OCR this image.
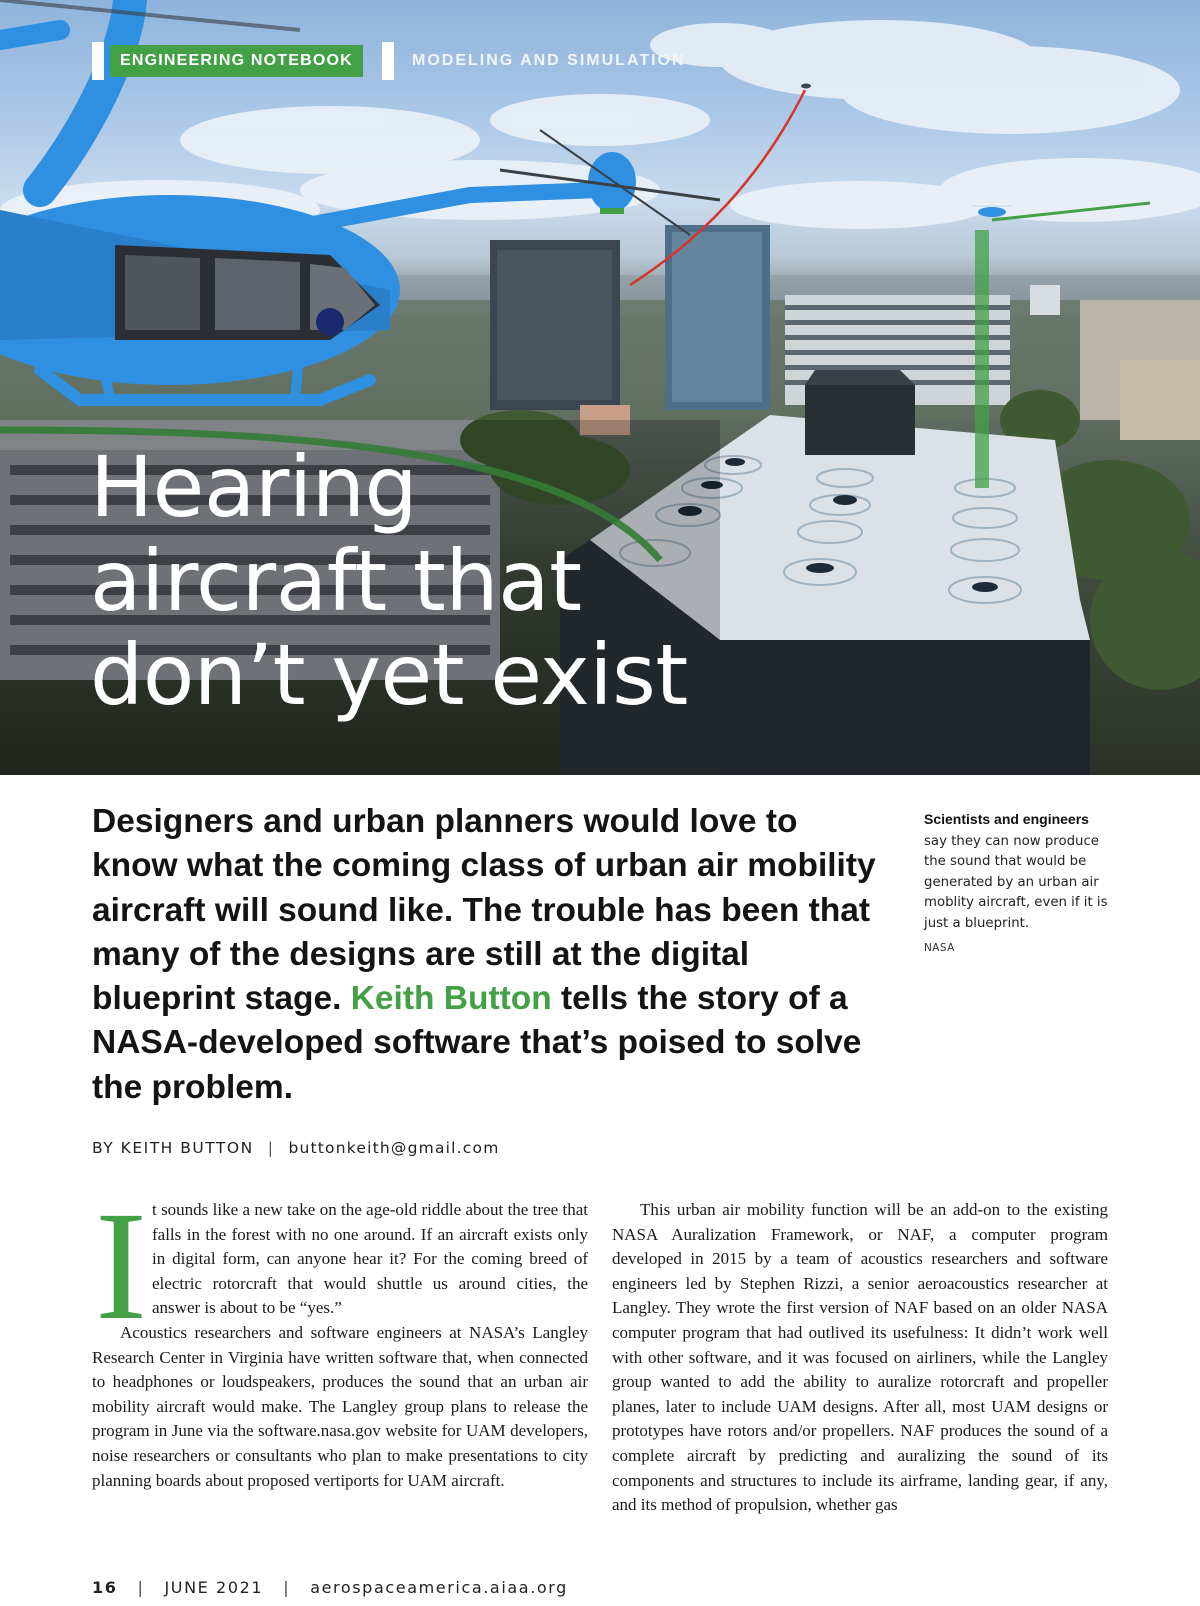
ENGINEERING NOTEBOOK	MODELING AND SIMULATION
Hearing
aircraft that
don’t yet exist

Designers and urban planners would love to know what the coming class of urban air mobility aircraft will sound like. The trouble has been that many of the designs are still at the digital blueprint stage. Keith Button tells the story of a NASA-developed software that’s poised to solve the problem.

Scientists and engineers
say they can now produce the sound that would be generated by an urban air moblity aircraft, even if it is just a blueprint.
NASA
BY KEITH BUTTON | buttonkeith@gmail.com

I t sounds like a new take on the age-old riddle about the tree that falls in the forest with no one around. If an aircraft exists only in digital form, can anyone hear it? For the coming breed of electric rotorcraft that would shuttle us around cities, the answer is about to be “yes.”

Acoustics researchers and software engineers at NASA’s Langley Research Center in Virginia have written software that, when connected to headphones or loudspeakers, produces the sound that an urban air mobility aircraft would make. The Langley group plans to release the program in June via the software.nasa.gov website for UAM developers, noise researchers or consultants who plan to make presentations to city planning boards about proposed vertiports for UAM aircraft.

This urban air mobility function will be an add-on to the existing NASA Auralization Framework, or NAF, a computer program developed in 2015 by a team of acoustics researchers and software engineers led by Stephen Rizzi, a senior aeroacoustics researcher at Langley. They wrote the first version of NAF based on an older NASA computer program that had outlived its usefulness: It didn’t work well with other software, and it was focused on airliners, while the Langley group wanted to add the ability to auralize rotorcraft and propeller planes, later to include UAM designs. After all, most UAM designs or prototypes have rotors and/or propellers. NAF produces the sound of a complete aircraft by predicting and auralizing the sound of its components and structures to include its airframe, landing gear, if any, and its method of propulsion, whether gas

16 | JUNE 2021 | aerospaceamerica.aiaa.org
